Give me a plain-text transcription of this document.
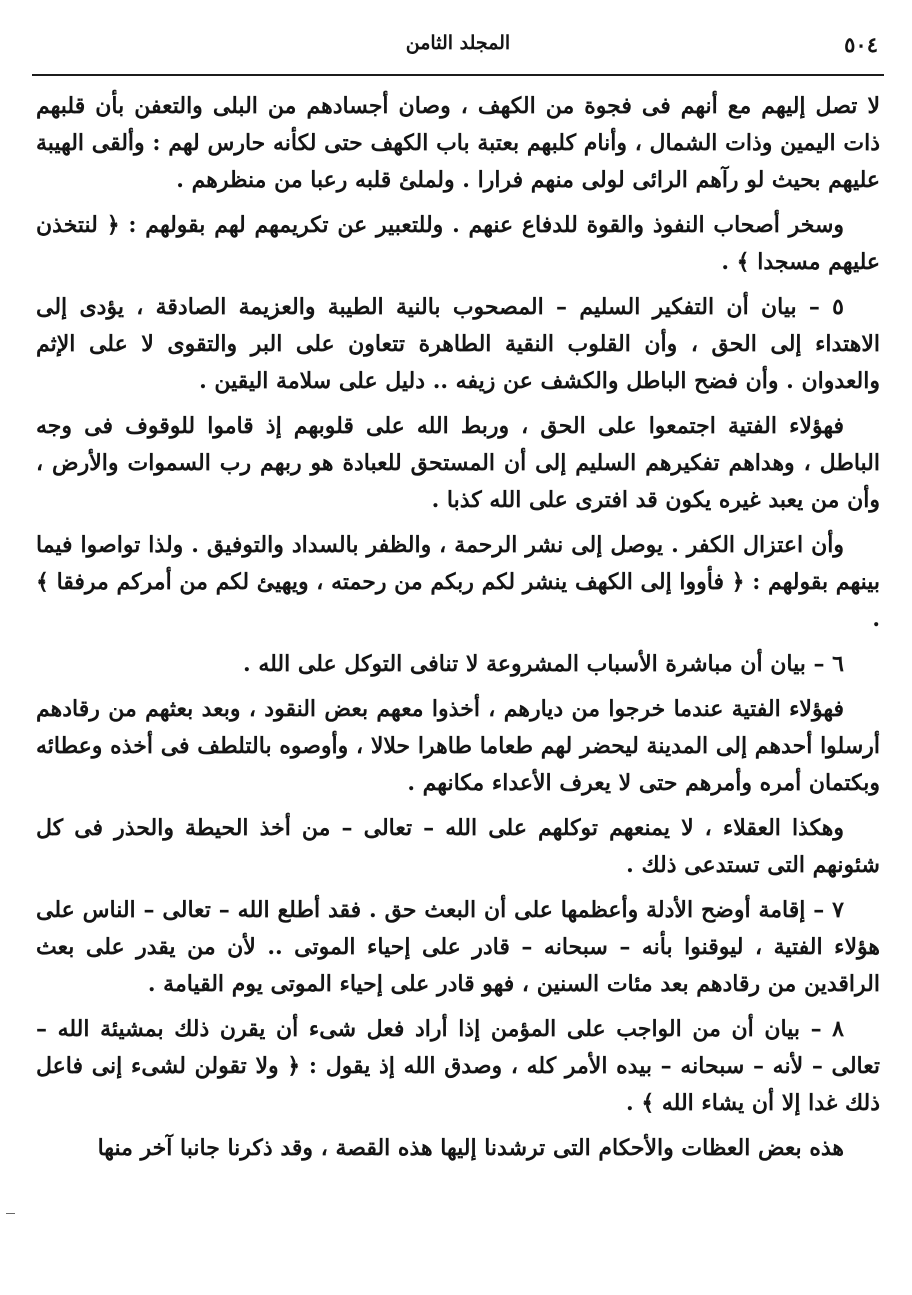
٥٠٤
المجلد الثامن

لا تصل إليهم مع أنهم فى فجوة من الكهف ، وصان أجسادهم من البلى والتعفن بأن قلبهم ذات اليمين وذات الشمال ، وأنام كلبهم بعتبة باب الكهف حتى لكأنه حارس لهم : وألقى الهيبة عليهم بحيث لو رآهم الرائى لولى منهم فرارا . ولملئ قلبه رعبا من منظرهم .

وسخر أصحاب النفوذ والقوة للدفاع عنهم . وللتعبير عن تكريمهم لهم بقولهم : ﴿ لنتخذن عليهم مسجدا ﴾ .

٥ – بيان أن التفكير السليم – المصحوب بالنية الطيبة والعزيمة الصادقة ، يؤدى إلى الاهتداء إلى الحق ، وأن القلوب النقية الطاهرة تتعاون على البر والتقوى لا على الإثم والعدوان . وأن فضح الباطل والكشف عن زيفه .. دليل على سلامة اليقين .

فهؤلاء الفتية اجتمعوا على الحق ، وربط الله على قلوبهم إذ قاموا للوقوف فى وجه الباطل ، وهداهم تفكيرهم السليم إلى أن المستحق للعبادة هو ربهم رب السموات والأرض ، وأن من يعبد غيره يكون قد افترى على الله كذبا .

وأن اعتزال الكفر . يوصل إلى نشر الرحمة ، والظفر بالسداد والتوفيق . ولذا تواصوا فيما بينهم بقولهم : ﴿ فأووا إلى الكهف ينشر لكم ربكم من رحمته ، ويهيئ لكم من أمركم مرفقا ﴾ .

٦ – بيان أن مباشرة الأسباب المشروعة لا تنافى التوكل على الله .

فهؤلاء الفتية عندما خرجوا من ديارهم ، أخذوا معهم بعض النقود ، وبعد بعثهم من رقادهم أرسلوا أحدهم إلى المدينة ليحضر لهم طعاما طاهرا حلالا ، وأوصوه بالتلطف فى أخذه وعطائه وبكتمان أمره وأمرهم حتى لا يعرف الأعداء مكانهم .

وهكذا العقلاء ، لا يمنعهم توكلهم على الله – تعالى – من أخذ الحيطة والحذر فى كل شئونهم التى تستدعى ذلك .

٧ – إقامة أوضح الأدلة وأعظمها على أن البعث حق . فقد أطلع الله – تعالى – الناس على هؤلاء الفتية ، ليوقنوا بأنه – سبحانه – قادر على إحياء الموتى .. لأن من يقدر على بعث الراقدين من رقادهم بعد مئات السنين ، فهو قادر على إحياء الموتى يوم القيامة .

٨ – بيان أن من الواجب على المؤمن إذا أراد فعل شىء أن يقرن ذلك بمشيئة الله – تعالى – لأنه – سبحانه – بيده الأمر كله ، وصدق الله إذ يقول : ﴿ ولا تقولن لشىء إنى فاعل ذلك غدا إلا أن يشاء الله ﴾ .

هذه بعض العظات والأحكام التى ترشدنا إليها هذه القصة ، وقد ذكرنا جانبا آخر منها
